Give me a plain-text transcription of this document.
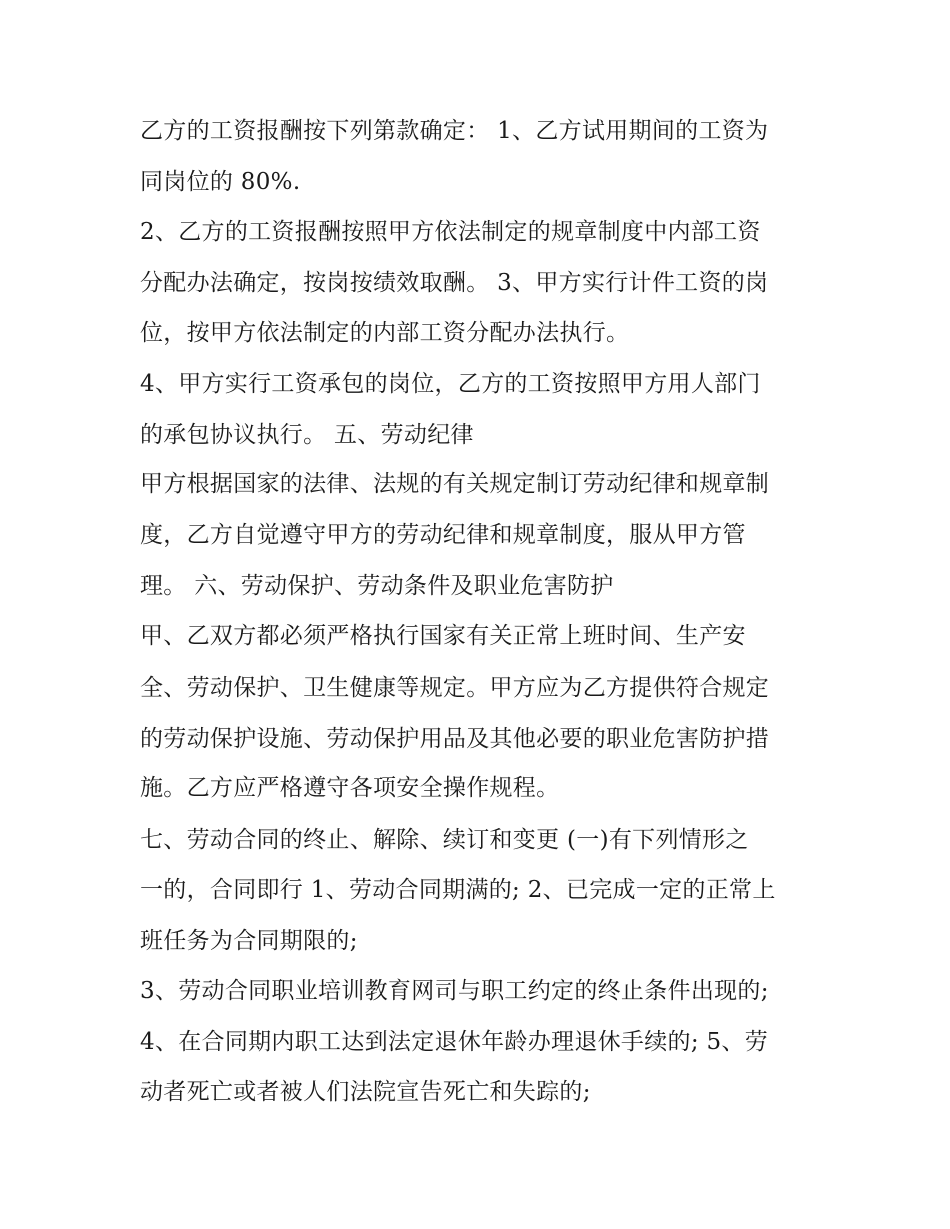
乙方的工资报酬按下列第款确定： 1、乙方试用期间的工资为
同岗位的 80%.
2、乙方的工资报酬按照甲方依法制定的规章制度中内部工资
分配办法确定，按岗按绩效取酬。 3、甲方实行计件工资的岗
位，按甲方依法制定的内部工资分配办法执行。
4、甲方实行工资承包的岗位，乙方的工资按照甲方用人部门
的承包协议执行。 五、劳动纪律
甲方根据国家的法律、法规的有关规定制订劳动纪律和规章制
度，乙方自觉遵守甲方的劳动纪律和规章制度，服从甲方管
理。 六、劳动保护、劳动条件及职业危害防护
甲、乙双方都必须严格执行国家有关正常上班时间、生产安
全、劳动保护、卫生健康等规定。甲方应为乙方提供符合规定
的劳动保护设施、劳动保护用品及其他必要的职业危害防护措
施。乙方应严格遵守各项安全操作规程。
七、劳动合同的终止、解除、续订和变更 (一)有下列情形之
一的，合同即行 1、劳动合同期满的; 2、已完成一定的正常上
班任务为合同期限的;
3、劳动合同职业培训教育网司与职工约定的终止条件出现的;
4、在合同期内职工达到法定退休年龄办理退休手续的; 5、劳
动者死亡或者被人们法院宣告死亡和失踪的;
